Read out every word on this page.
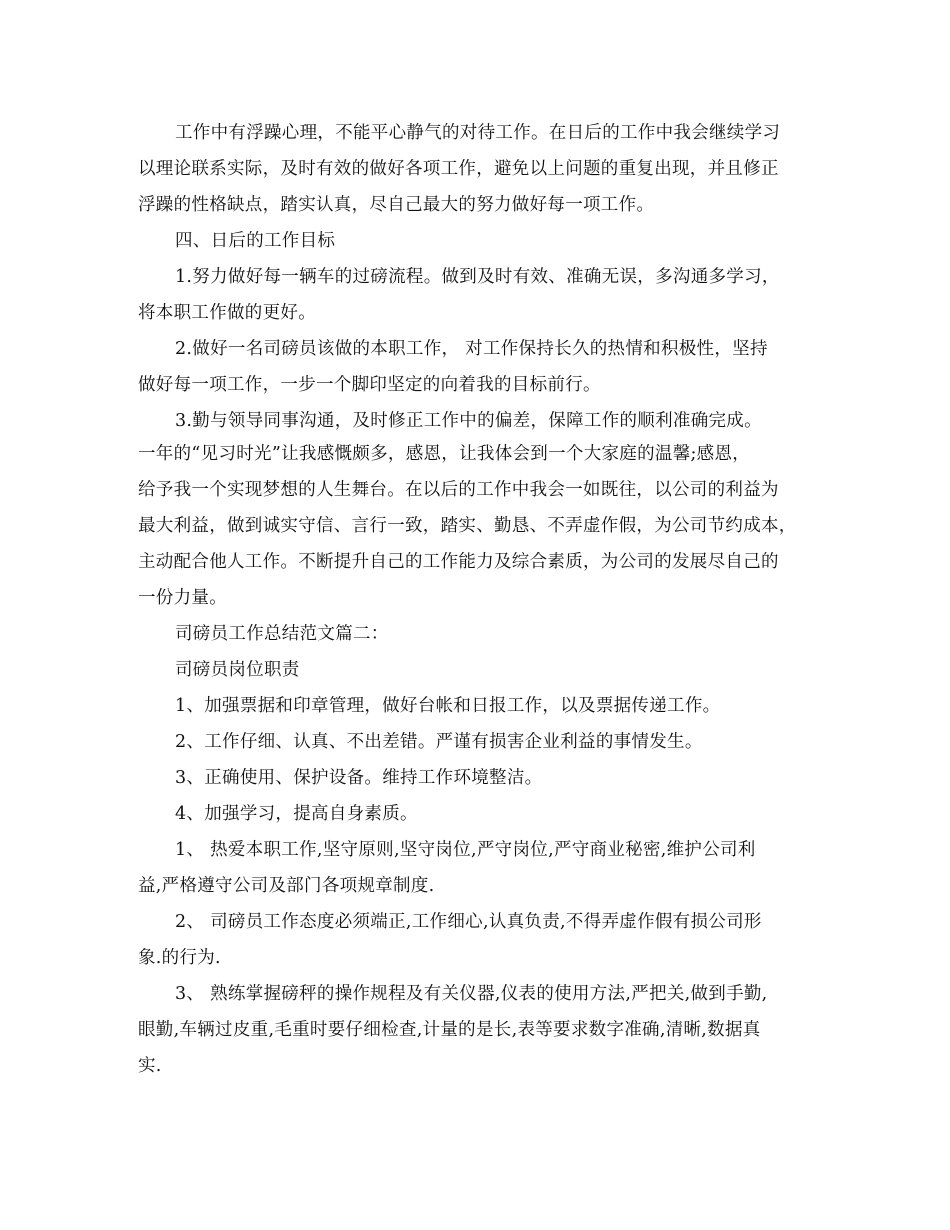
工作中有浮躁心理，不能平心静气的对待工作。在日后的工作中我会继续学习
以理论联系实际，及时有效的做好各项工作，避免以上问题的重复出现，并且修正
浮躁的性格缺点，踏实认真，尽自己最大的努力做好每一项工作。
四、日后的工作目标
1.努力做好每一辆车的过磅流程。做到及时有效、准确无误，多沟通多学习，
将本职工作做的更好。
2.做好一名司磅员该做的本职工作， 对工作保持长久的热情和积极性，坚持
做好每一项工作，一步一个脚印坚定的向着我的目标前行。
3.勤与领导同事沟通，及时修正工作中的偏差，保障工作的顺利准确完成。
一年的“见习时光”让我感慨颇多，感恩，让我体会到一个大家庭的温馨;感恩，
给予我一个实现梦想的人生舞台。在以后的工作中我会一如既往，以公司的利益为
最大利益，做到诚实守信、言行一致，踏实、勤恳、不弄虚作假，为公司节约成本，
主动配合他人工作。不断提升自己的工作能力及综合素质，为公司的发展尽自己的
一份力量。
司磅员工作总结范文篇二：
司磅员岗位职责
1、加强票据和印章管理，做好台帐和日报工作，以及票据传递工作。
2、工作仔细、认真、不出差错。严谨有损害企业利益的事情发生。
3、正确使用、保护设备。维持工作环境整洁。
4、加强学习，提高自身素质。
1、 热爱本职工作,坚守原则,坚守岗位,严守岗位,严守商业秘密,维护公司利
益,严格遵守公司及部门各项规章制度.
2、 司磅员工作态度必须端正,工作细心,认真负责,不得弄虚作假有损公司形
象.的行为.
3、 熟练掌握磅秤的操作规程及有关仪器,仪表的使用方法,严把关,做到手勤,
眼勤,车辆过皮重,毛重时要仔细检查,计量的是长,表等要求数字准确,清晰,数据真
实.
